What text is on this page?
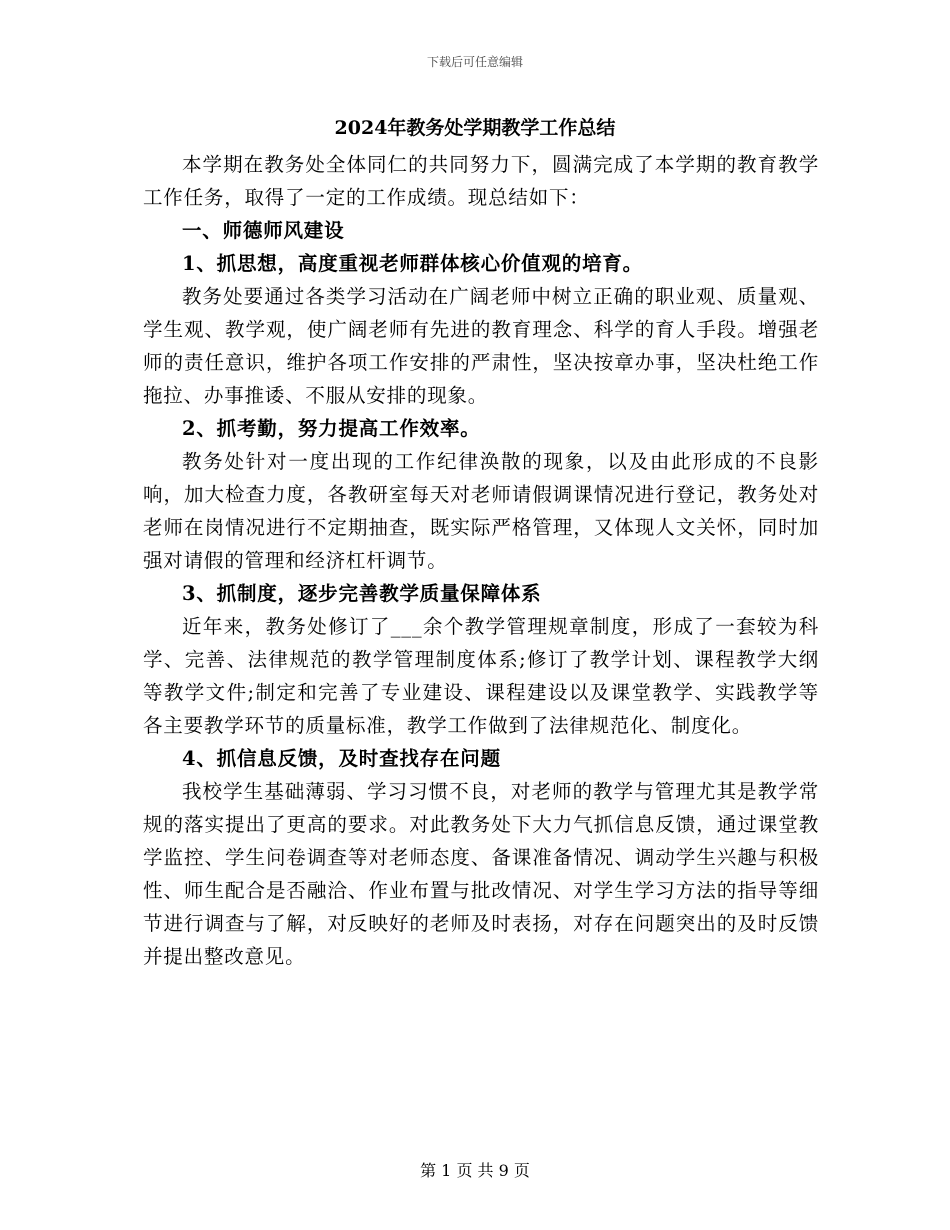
下载后可任意编辑
2024年教务处学期教学工作总结

本学期在教务处全体同仁的共同努力下，圆满完成了本学期的教育教学工作任务，取得了一定的工作成绩。现总结如下：

一、师德师风建设

1、抓思想，高度重视老师群体核心价值观的培育。

教务处要通过各类学习活动在广阔老师中树立正确的职业观、质量观、学生观、教学观，使广阔老师有先进的教育理念、科学的育人手段。增强老师的责任意识，维护各项工作安排的严肃性，坚决按章办事，坚决杜绝工作拖拉、办事推诿、不服从安排的现象。

2、抓考勤，努力提高工作效率。

教务处针对一度出现的工作纪律涣散的现象，以及由此形成的不良影响，加大检查力度，各教研室每天对老师请假调课情况进行登记，教务处对老师在岗情况进行不定期抽查，既实际严格管理，又体现人文关怀，同时加强对请假的管理和经济杠杆调节。

3、抓制度，逐步完善教学质量保障体系

近年来，教务处修订了___余个教学管理规章制度，形成了一套较为科学、完善、法律规范的教学管理制度体系;修订了教学计划、课程教学大纲等教学文件;制定和完善了专业建设、课程建设以及课堂教学、实践教学等各主要教学环节的质量标准，教学工作做到了法律规范化、制度化。

4、抓信息反馈，及时查找存在问题

我校学生基础薄弱、学习习惯不良，对老师的教学与管理尤其是教学常规的落实提出了更高的要求。对此教务处下大力气抓信息反馈，通过课堂教学监控、学生问卷调查等对老师态度、备课准备情况、调动学生兴趣与积极性、师生配合是否融洽、作业布置与批改情况、对学生学习方法的指导等细节进行调查与了解，对反映好的老师及时表扬，对存在问题突出的及时反馈并提出整改意见。

第 1 页 共 9 页
